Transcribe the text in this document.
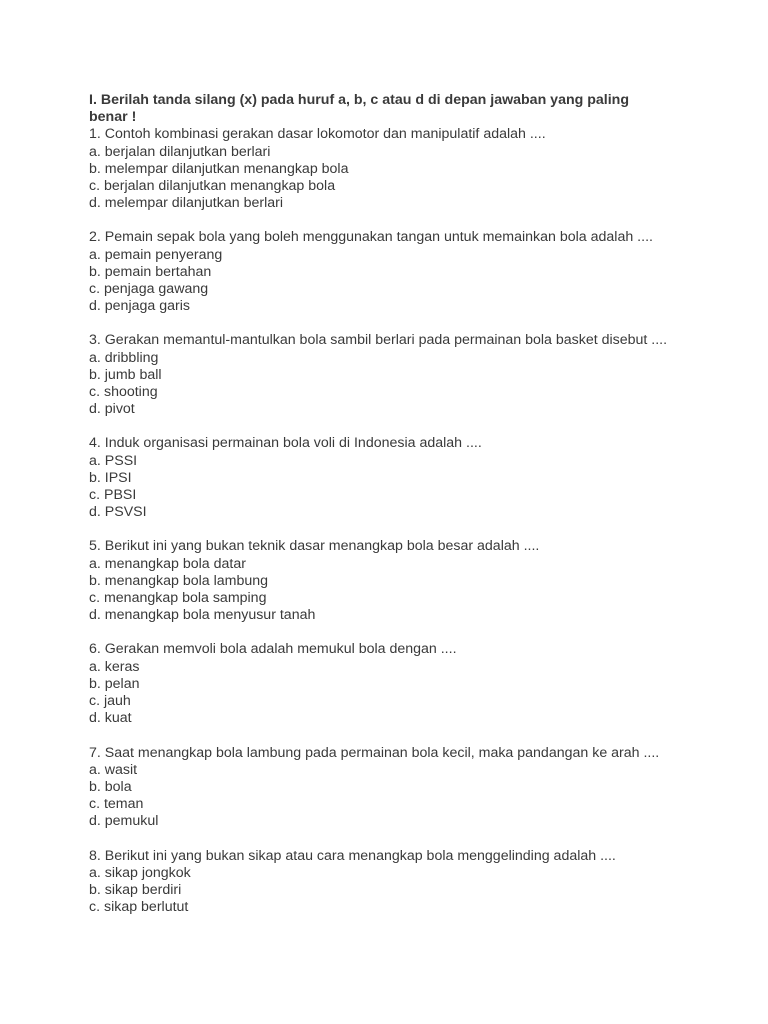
I. Berilah tanda silang (x) pada huruf a, b, c atau d di depan jawaban yang paling benar !

1. Contoh kombinasi gerakan dasar lokomotor dan manipulatif adalah ....

a. berjalan dilanjutkan berlari

b. melempar dilanjutkan menangkap bola

c. berjalan dilanjutkan menangkap bola

d. melempar dilanjutkan berlari

2. Pemain sepak bola yang boleh menggunakan tangan untuk memainkan bola adalah ....

a. pemain penyerang

b. pemain bertahan

c. penjaga gawang

d. penjaga garis

3. Gerakan memantul-mantulkan bola sambil berlari pada permainan bola basket disebut ....

a. dribbling

b. jumb ball

c. shooting

d. pivot

4. Induk organisasi permainan bola voli di Indonesia adalah ....

a. PSSI

b. IPSI

c. PBSI

d. PSVSI

5. Berikut ini yang bukan teknik dasar menangkap bola besar adalah ....

a. menangkap bola datar

b. menangkap bola lambung

c. menangkap bola samping

d. menangkap bola menyusur tanah

6. Gerakan memvoli bola adalah memukul bola dengan ....

a. keras

b. pelan

c. jauh

d. kuat

7. Saat menangkap bola lambung pada permainan bola kecil, maka pandangan ke arah ....

a. wasit

b. bola

c. teman

d. pemukul

8. Berikut ini yang bukan sikap atau cara menangkap bola menggelinding adalah ....

a. sikap jongkok

b. sikap berdiri

c. sikap berlutut
